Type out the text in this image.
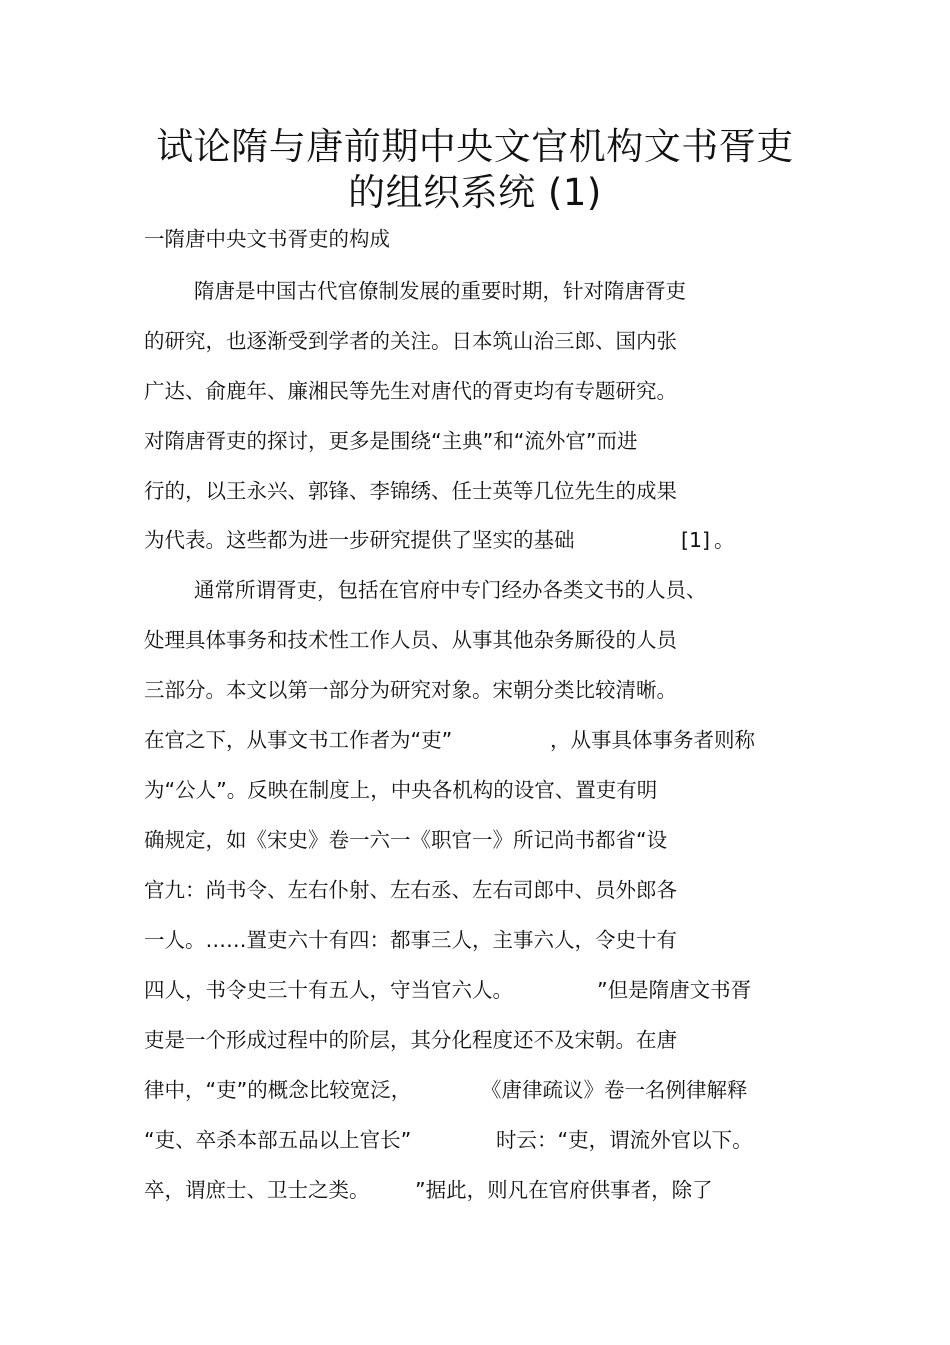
试论隋与唐前期中央文官机构文书胥吏
的组织系统 (1)
一隋唐中央文书胥吏的构成
隋唐是中国古代官僚制发展的重要时期，针对隋唐胥吏
的研究，也逐渐受到学者的关注。日本筑山治三郎、国内张
广达、俞鹿年、廉湘民等先生对唐代的胥吏均有专题研究。
对隋唐胥吏的探讨，更多是围绕“主典”和“流外官”而进
行的，以王永兴、郭锋、李锦绣、任士英等几位先生的成果
为代表。这些都为进一步研究提供了坚实的基础	[1] 。
通常所谓胥吏，包括在官府中专门经办各类文书的人员、
处理具体事务和技术性工作人员、从事其他杂务厮役的人员
三部分。本文以第一部分为研究对象。宋朝分类比较清晰。
在官之下，从事文书工作者为“吏”	，从事具体事务者则称
为“公人”。反映在制度上，中央各机构的设官、置吏有明
确规定，如《宋史》卷一六一《职官一》所记尚书都省“设
官九：尚书令、左右仆射、左右丞、左右司郎中、员外郎各
一人。……置吏六十有四：都事三人，主事六人，令史十有
四人，书令史三十有五人，守当官六人。	”但是隋唐文书胥
吏是一个形成过程中的阶层，其分化程度还不及宋朝。在唐
律中，“吏”的概念比较宽泛，	《唐律疏议》卷一名例律解释
“吏、卒杀本部五品以上官长”	时云：“吏，谓流外官以下。
卒，谓庶士、卫士之类。 ”据此，则凡在官府供事者，除了
